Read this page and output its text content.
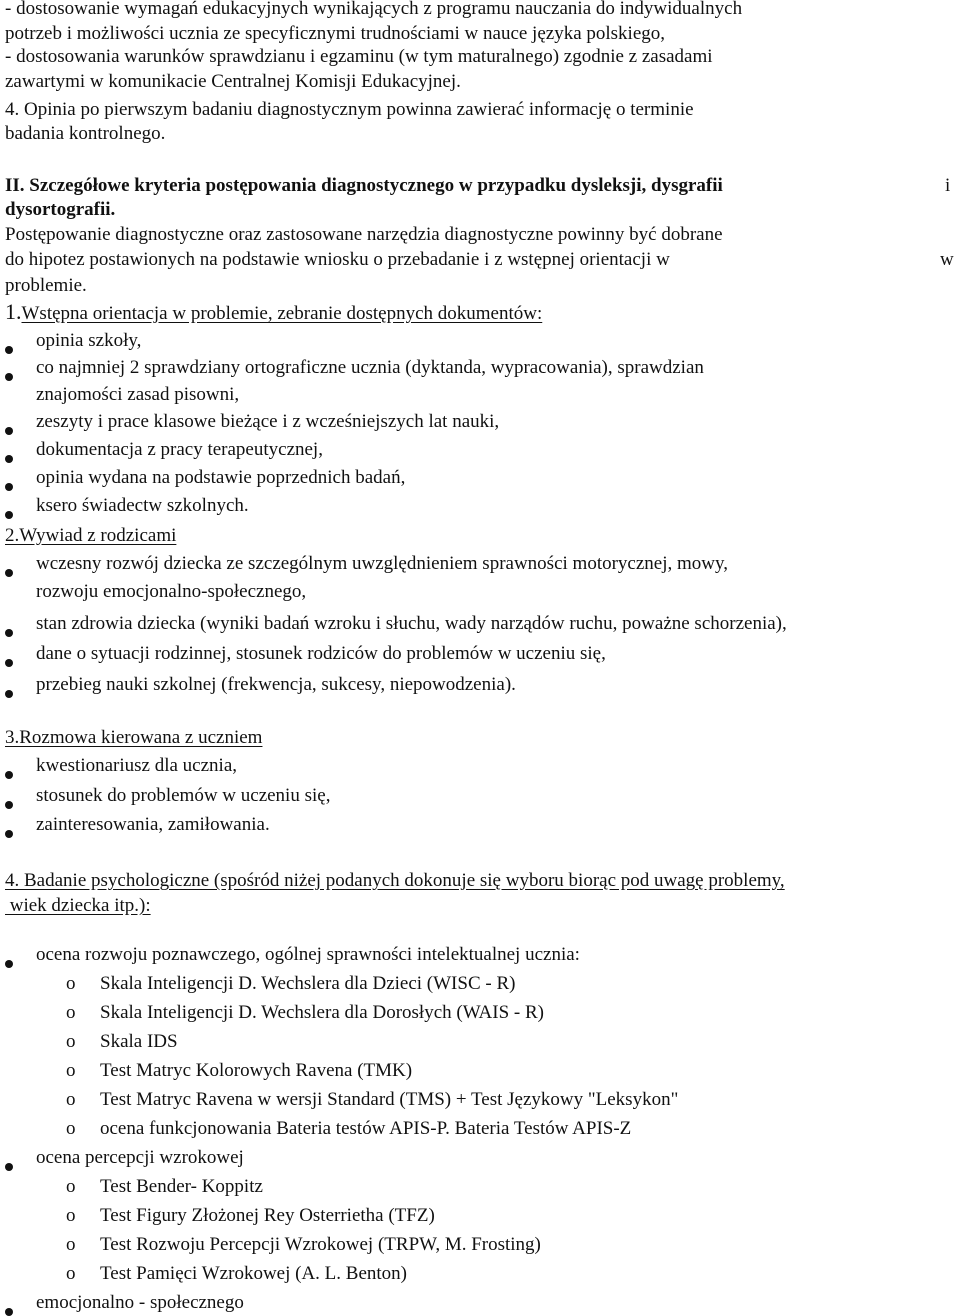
- dostosowanie wymagań edukacyjnych wynikających z programu nauczania do indywidualnych
potrzeb i możliwości ucznia ze specyficznymi trudnościami w nauce języka polskiego,
- dostosowania warunków sprawdzianu i egzaminu (w tym maturalnego) zgodnie z zasadami
zawartymi w komunikacie Centralnej Komisji Edukacyjnej.
4. Opinia po pierwszym badaniu diagnostycznym powinna zawierać informację o terminie
badania kontrolnego.
II. Szczegółowe kryteria postępowania diagnostycznego w przypadku dysleksji, dysgrafii	i
dysortografii.
Postępowanie diagnostyczne oraz zastosowane narzędzia diagnostyczne powinny być dobrane
do hipotez postawionych na podstawie wniosku o przebadanie i z wstępnej orientacji w	w
problemie.
1.Wstępna orientacja w problemie, zebranie dostępnych dokumentów:
opinia szkoły,
co najmniej 2 sprawdziany ortograficzne ucznia (dyktanda, wypracowania), sprawdzian
znajomości zasad pisowni,
zeszyty i prace klasowe bieżące i z wcześniejszych lat nauki,
dokumentacja z pracy terapeutycznej,
opinia wydana na podstawie poprzednich badań,
ksero świadectw szkolnych.
2.Wywiad z rodzicami
wczesny rozwój dziecka ze szczególnym uwzględnieniem sprawności motorycznej, mowy,
rozwoju emocjonalno-społecznego,
stan zdrowia dziecka (wyniki badań wzroku i słuchu, wady narządów ruchu, poważne schorzenia),
dane o sytuacji rodzinnej, stosunek rodziców do problemów w uczeniu się,
przebieg nauki szkolnej (frekwencja, sukcesy, niepowodzenia).
3.Rozmowa kierowana z uczniem
kwestionariusz dla ucznia,
stosunek do problemów w uczeniu się,
zainteresowania, zamiłowania.
4. Badanie psychologiczne (spośród niżej podanych dokonuje się wyboru biorąc pod uwagę problemy,
wiek dziecka itp.):
ocena rozwoju poznawczego, ogólnej sprawności intelektualnej ucznia:
o Skala Inteligencji D. Wechslera dla Dzieci (WISC - R)
o Skala Inteligencji D. Wechslera dla Dorosłych (WAIS - R)
o Skala IDS
o Test Matryc Kolorowych Ravena (TMK)
o Test Matryc Ravena w wersji Standard (TMS) + Test Językowy "Leksykon"
o ocena funkcjonowania Bateria testów APIS-P. Bateria Testów APIS-Z
ocena percepcji wzrokowej
o Test Bender- Koppitz
o Test Figury Złożonej Rey Osterrietha (TFZ)
o Test Rozwoju Percepcji Wzrokowej (TRPW, M. Frosting)
o Test Pamięci Wzrokowej (A. L. Benton)
emocjonalno - społecznego
